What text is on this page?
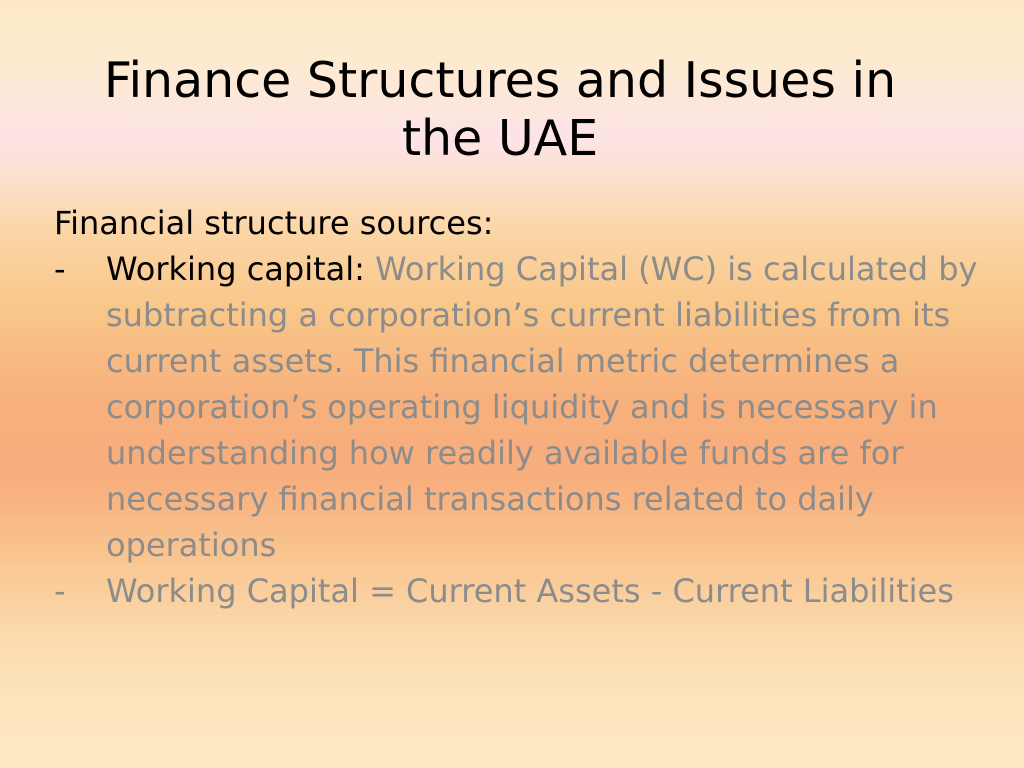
Finance Structures and Issues in the UAE

Financial structure sources:

-	Working capital: Working Capital (WC) is calculated by subtracting a corporation’s current liabilities from its current assets. This financial metric determines a corporation’s operating liquidity and is necessary in understanding how readily available funds are for necessary financial transactions related to daily operations
-	Working Capital = Current Assets - Current Liabilities
